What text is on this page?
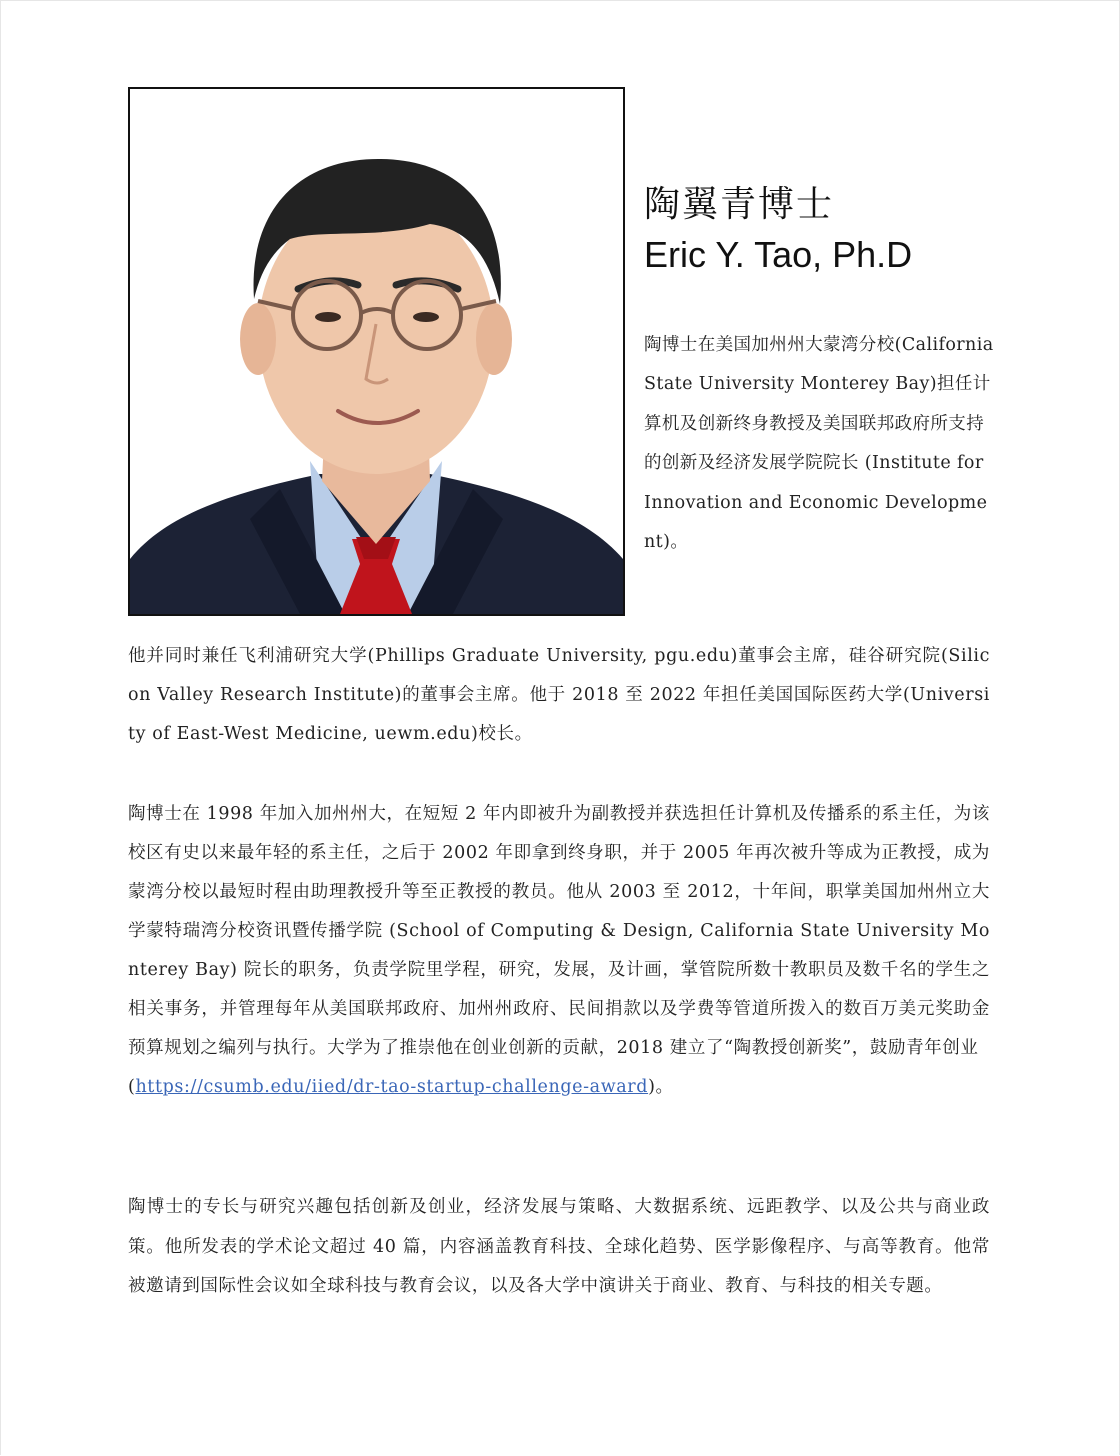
陶翼青博士
Eric Y. Tao, Ph.D
陶博士在美国加州州大蒙湾分校(California State University Monterey Bay)担任计算机及创新终身教授及美国联邦政府所支持的创新及经济发展学院院长 (Institute for Innovation and Economic Development)。
他并同时兼任飞利浦研究大学(Phillips Graduate University, pgu.edu)董事会主席，硅谷研究院(Silicon Valley Research Institute)的董事会主席。他于 2018 至 2022 年担任美国国际医药大学(University of East-West Medicine, uewm.edu)校长。
陶博士在 1998 年加入加州州大，在短短 2 年内即被升为副教授并获选担任计算机及传播系的系主任，为该校区有史以来最年轻的系主任，之后于 2002 年即拿到终身职，并于 2005 年再次被升等成为正教授，成为蒙湾分校以最短时程由助理教授升等至正教授的教员。他从 2003 至 2012，十年间，职掌美国加州州立大学蒙特瑞湾分校资讯暨传播学院 (School of Computing & Design, California State University Monterey Bay) 院长的职务，负责学院里学程，研究，发展，及计画，掌管院所数十教职员及数千名的学生之相关事务，并管理每年从美国联邦政府、加州州政府、民间捐款以及学费等管道所拨入的数百万美元奖助金预算规划之编列与执行。大学为了推崇他在创业创新的贡献，2018 建立了“陶教授创新奖”，鼓励青年创业
(https://csumb.edu/iied/dr-tao-startup-challenge-award)。
陶博士的专长与研究兴趣包括创新及创业，经济发展与策略、大数据系统、远距教学、以及公共与商业政策。他所发表的学术论文超过 40 篇，内容涵盖教育科技、全球化趋势、医学影像程序、与高等教育。他常被邀请到国际性会议如全球科技与教育会议，以及各大学中演讲关于商业、教育、与科技的相关专题。
